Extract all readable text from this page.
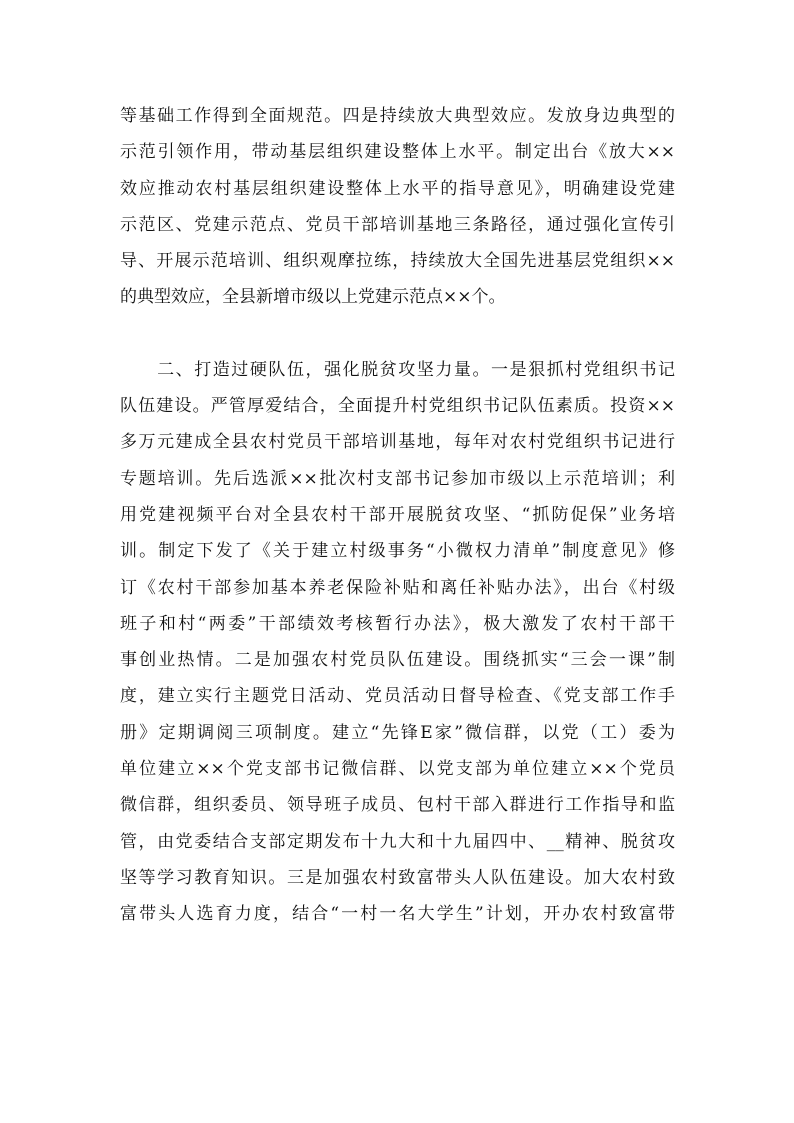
等基础工作得到全面规范。四是持续放大典型效应。发放身边典型的
示范引领作用，带动基层组织建设整体上水平。制定出台《放大××
效应推动农村基层组织建设整体上水平的指导意见》，明确建设党建
示范区、党建示范点、党员干部培训基地三条路径，通过强化宣传引
导、开展示范培训、组织观摩拉练，持续放大全国先进基层党组织××
的典型效应，全县新增市级以上党建示范点××个。
　　二、打造过硬队伍，强化脱贫攻坚力量。一是狠抓村党组织书记
队伍建设。严管厚爱结合，全面提升村党组织书记队伍素质。投资××
多万元建成全县农村党员干部培训基地，每年对农村党组织书记进行
专题培训。先后选派××批次村支部书记参加市级以上示范培训；利
用党建视频平台对全县农村干部开展脱贫攻坚、“抓防促保”业务培
训。制定下发了《关于建立村级事务“小微权力清单”制度意见》修
订《农村干部参加基本养老保险补贴和离任补贴办法》，出台《村级
班子和村“两委”干部绩效考核暂行办法》，极大激发了农村干部干
事创业热情。二是加强农村党员队伍建设。围绕抓实“三会一课”制
度，建立实行主题党日活动、党员活动日督导检查、《党支部工作手
册》定期调阅三项制度。建立“先锋E家”微信群，以党（工）委为
单位建立××个党支部书记微信群、以党支部为单位建立××个党员
微信群，组织委员、领导班子成员、包村干部入群进行工作指导和监
管，由党委结合支部定期发布十九大和十九届四中、__精神、脱贫攻
坚等学习教育知识。三是加强农村致富带头人队伍建设。加大农村致
富带头人选育力度，结合“一村一名大学生”计划，开办农村致富带
